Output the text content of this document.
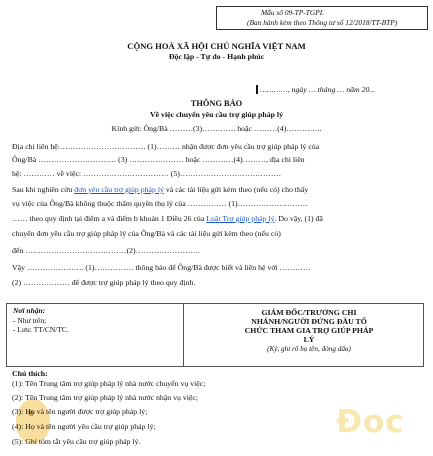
Mẫu số 09-TP-TGPL
(Ban hành kèm theo Thông tư số 12/2018/TT-BTP)
CỘNG HOÀ XÃ HỘI CHỦ NGHĨA VIỆT NAM
Độc lập - Tự do - Hạnh phúc
…………, ngày … tháng … năm 20...
THÔNG BÁO
Về việc chuyển yêu cầu trợ giúp pháp lý
Kính gửi: Ông/Bà ………(3)…………. hoặc ………(4)…………..
Địa chỉ liên hệ:…………………………… (1)……… nhận được đơn yêu cầu trợ giúp pháp lý của
Ông/Bà ………………………… (3) ………………… hoặc …………(4)………, địa chỉ liên
hệ: ………… về việc: …………………………… (5)…………………………………
Sau khi nghiên cứu đơn yêu cầu trợ giúp pháp lý và các tài liệu gửi kèm theo (nếu có) cho thấy
vụ việc của Ông/Bà không thuộc thẩm quyền thụ lý của …………… (1)………………………
…… theo quy định tại điểm a và điểm b khoản 1 Điều 26 của Luật Trợ giúp pháp lý. Do vậy, (1) đã
chuyển đơn yêu cầu trợ giúp pháp lý của Ông/Bà và các tài liệu gửi kèm theo (nếu có)
đến …………………………………(2)…………………….
Vậy …………………. (1)…………… thông báo để Ông/Bà được biết và liên hệ với …………
(2) ……………… để được trợ giúp pháp lý theo quy định.
Nơi nhận:
- Như trên;
- Lưu: TT/CN/TC.
GIÁM ĐỐC/TRƯỞNG CHI
NHÁNH/NGƯỜI ĐỨNG ĐẦU TỔ
CHỨC THAM GIA TRỢ GIÚP PHÁP
LÝ
(Ký, ghi rõ họ tên, đóng dấu)
Chú thích:
Đoc
(1): Tên Trung tâm trợ giúp pháp lý nhà nước chuyển vụ việc;
(2): Tên Trung tâm trợ giúp pháp lý nhà nước nhận vụ việc;
(3): Họ và tên người được trợ giúp pháp lý;
(4): Họ và tên người yêu cầu trợ giúp pháp lý;
(5): Ghi tóm tắt yêu cầu trợ giúp pháp lý.
